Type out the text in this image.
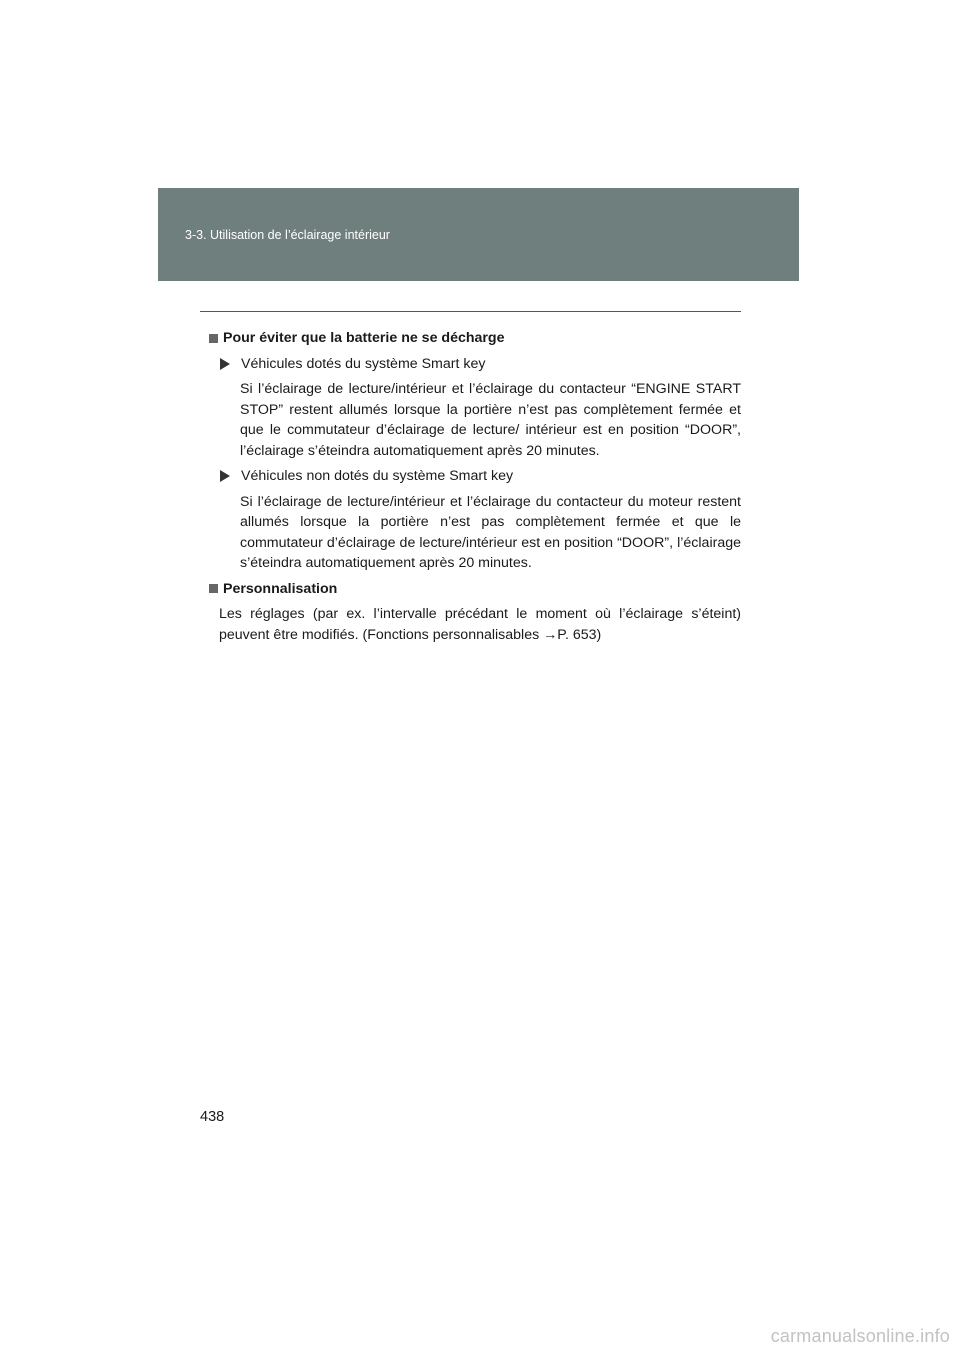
3-3. Utilisation de l’éclairage intérieur
Pour éviter que la batterie ne se décharge
Véhicules dotés du système Smart key

Si l’éclairage de lecture/intérieur et l’éclairage du contacteur “ENGINE START STOP” restent allumés lorsque la portière n’est pas complètement fermée et que le commutateur d’éclairage de lecture/ intérieur est en position “DOOR”, l’éclairage s’éteindra automatiquement après 20 minutes.

Véhicules non dotés du système Smart key

Si l’éclairage de lecture/intérieur et l’éclairage du contacteur du moteur restent allumés lorsque la portière n’est pas complètement fermée et que le commutateur d’éclairage de lecture/intérieur est en position “DOOR”, l’éclairage s’éteindra automatiquement après 20 minutes.

Personnalisation

Les réglages (par ex. l’intervalle précédant le moment où l’éclairage s’éteint) peuvent être modifiés. (Fonctions personnalisables →P. 653)

438
carmanualsonline.info
